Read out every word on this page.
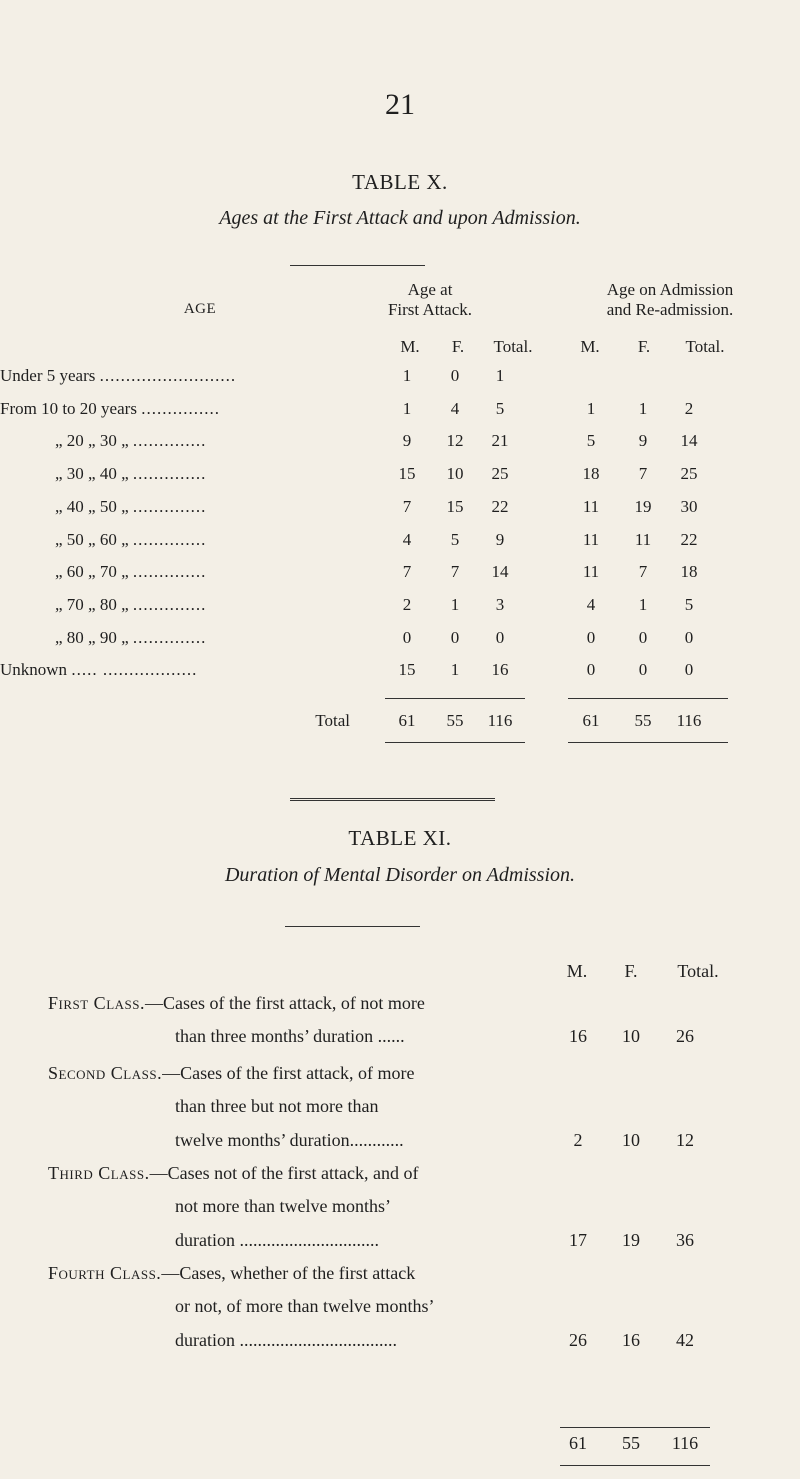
21
TABLE X.
Ages at the First Attack and upon Admission.
AGE
Age at
First Attack.
Age on Admission
and Re-admission.
M.	F.	Total.	M.	F.	Total.
Under 5 years ..........................	1	0	1
From 10 to 20 years ...............	1	4	5	1	1	2
„ 20 „ 30 „ ..............	9	12	21	5	9	14
„ 30 „ 40 „ ..............	15	10	25	18	7	25
„ 40 „ 50 „ ..............	7	15	22	11	19	30
„ 50 „ 60 „ ..............	4	5	9	11	11	22
„ 60 „ 70 „ ..............	7	7	14	11	7	18
„ 70 „ 80 „ ..............	2	1	3	4	1	5
„ 80 „ 90 „ ..............	0	0	0	0	0	0
Unknown ..... ..................	15	1	16	0	0	0
Total	61	55	116	61	55	116
TABLE XI.
Duration of Mental Disorder on Admission.
M.	F.	Total.
First Class.—Cases of the first attack, of not more
than three months’ duration ......	16	10	26
Second Class.—Cases of the first attack, of more
than three but not more than
twelve months’ duration............	2	10	12
Third Class.—Cases not of the first attack, and of
not more than twelve months’
duration ...............................	17	19	36
Fourth Class.—Cases, whether of the first attack
or not, of more than twelve months’
duration ...................................	26	16	42
61	55	116
